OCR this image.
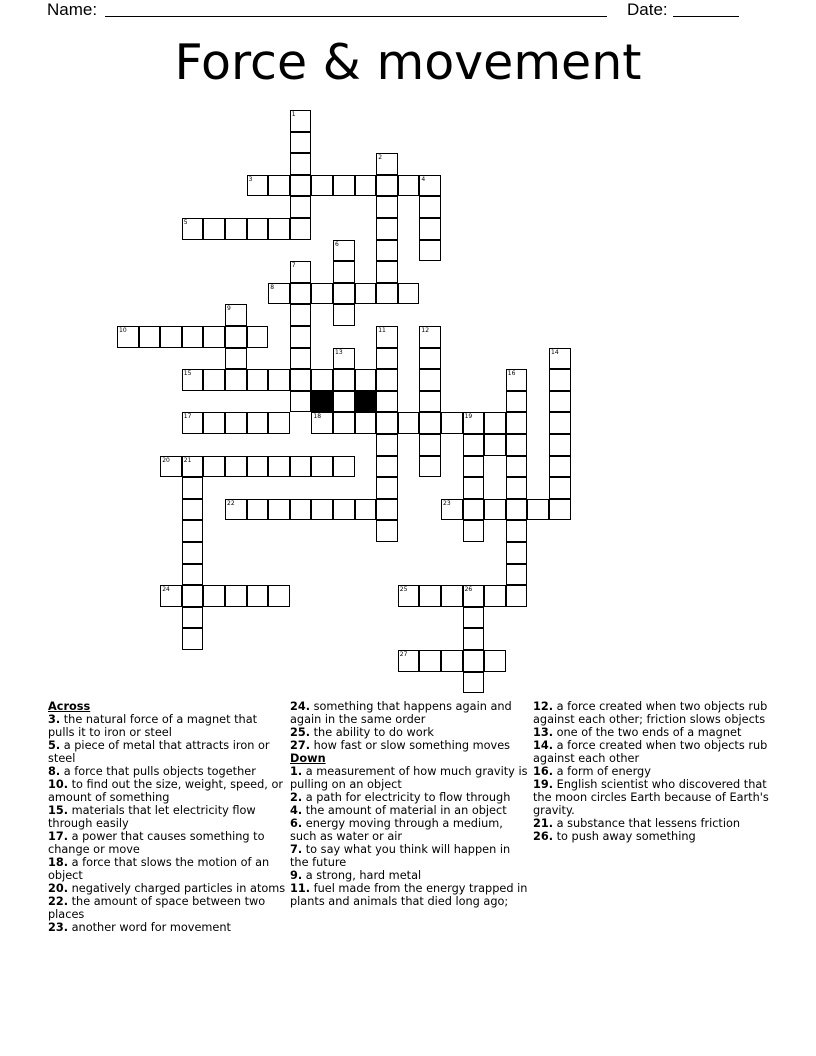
Name:	Date:
Force & movement
1
2
3	4
5
6
7
8
9
10	11	12
13	14
15	16
17	18	19
20 21
22	23
24	25	26
27

Across

3. the natural force of a magnet that pulls it to iron or steel

5. a piece of metal that attracts iron or steel

8. a force that pulls objects together

10. to find out the size, weight, speed, or amount of something

15. materials that let electricity flow through easily

17. a power that causes something to change or move

18. a force that slows the motion of an object

20. negatively charged particles in atoms

22. the amount of space between two places

23. another word for movement

24. something that happens again and again in the same order

25. the ability to do work

27. how fast or slow something moves

Down

1. a measurement of how much gravity is pulling on an object

2. a path for electricity to flow through

4. the amount of material in an object

6. energy moving through a medium, such as water or air

7. to say what you think will happen in the future

9. a strong, hard metal

11. fuel made from the energy trapped in plants and animals that died long ago;

12. a force created when two objects rub against each other; friction slows objects

13. one of the two ends of a magnet

14. a force created when two objects rub against each other

16. a form of energy

19. English scientist who discovered that the moon circles Earth because of Earth's gravity.

21. a substance that lessens friction

26. to push away something
